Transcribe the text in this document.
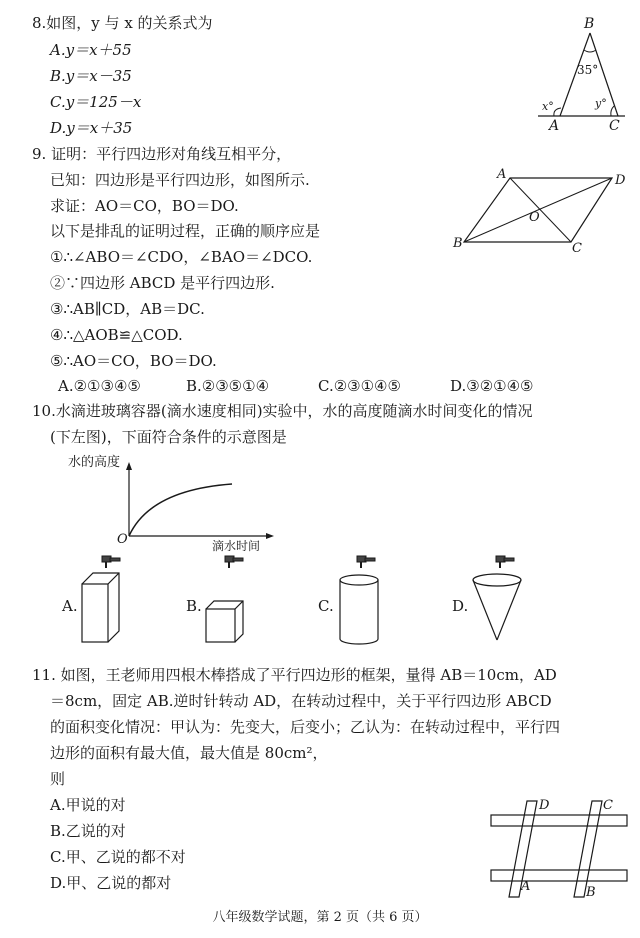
8.如图，y 与 x 的关系式为
A.y＝x＋55
B.y＝x－35
C.y＝125－x
D.y＝x＋35
B
35°
x°	y°
A	C
9. 证明：平行四边形对角线互相平分，
已知：四边形是平行四边形，如图所示.
求证：AO＝CO，BO＝DO.
以下是排乱的证明过程，正确的顺序应是
①∴∠ABO＝∠CDO，∠BAO＝∠DCO.
②∵四边形 ABCD 是平行四边形.
③∴AB∥CD，AB＝DC.
④∴△AOB≌△COD.
⑤∴AO＝CO，BO＝DO.
A.②①③④⑤	B.②③⑤①④	C.②③①④⑤	D.③②①④⑤
A	D
O
B	C
10.水滴进玻璃容器(滴水速度相同)实验中，水的高度随滴水时间变化的情况
(下左图)，下面符合条件的示意图是
水的高度
O	滴水时间
A.	B.	C.	D.
11. 如图，王老师用四根木棒搭成了平行四边形的框架，量得 AB＝10cm，AD
＝8cm，固定 AB.逆时针转动 AD，在转动过程中，关于平行四边形 ABCD
的面积变化情况：甲认为：先变大，后变小；乙认为：在转动过程中，平行四
边形的面积有最大值，最大值是 80cm²，
则
A.甲说的对
B.乙说的对
C.甲、乙说的都不对
D.甲、乙说的都对
D	C
A	B
八年级数学试题，第 2 页（共 6 页）
